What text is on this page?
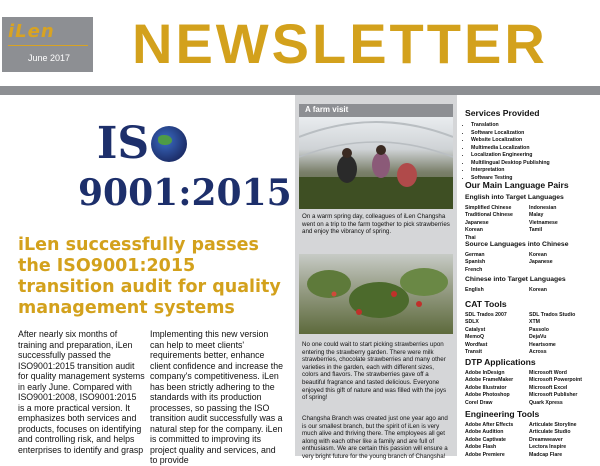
iLen
June 2017 NEWSLETTER
IS
9001:2015
iLen successfully passes the ISO9001:2015 transition audit for quality management systems
After nearly six months of training and preparation, iLen successfully passed the ISO9001:2015 transition audit for quality management systems in early June. Compared with ISO9001:2008, ISO9001:2015 is a more practical version. It emphasizes both services and products, focuses on identifying and controlling risk, and helps enterprises to identify and grasp
Implementing this new version can help to meet clients' requirements better, enhance client confidence and increase the company's competitiveness. iLen has been strictly adhering to the standards with its production processes, so passing the ISO transition audit successfully was a natural step for the company. iLen is committed to improving its project quality and services, and to provide
A farm visit
On a warm spring day, colleagues of iLen Changsha went on a trip to the farm together to pick strawberries and enjoy the vibrancy of spring.
No one could wait to start picking strawberries upon entering the strawberry garden. There were milk strawberries, chocolate strawberries and many other varieties in the garden, each with different sizes, colors and flavors. The strawberries gave off a beautiful fragrance and tasted delicious. Everyone enjoyed this gift of nature and was filled with the joys of spring!
Changsha Branch was created just one year ago and is our smallest branch, but the spirit of iLen is very much alive and thriving there. The employees all get along with each other like a family and are full of enthusiasm. We are certain this passion will ensure a very bright future for the young branch of Changsha!
Services Provided
• Translation
• Software Localization
• Website Localization
• Multimedia Localization
• Localization Engineering
• Multilingual Desktop Publishing
• Interpretation
• Software Testing
Our Main Language Pairs
English into Target Languages
Simplified Chinese	Indonesian
Traditional Chinese	Malay
Japanese	Vietnamese
Korean	Tamil
Thai
Source Languages into Chinese
German	Korean
Spanish	Japanese
French
Chinese into Target Languages
English	Korean
CAT Tools
SDL Trados 2007	SDL Trados Studio
SDLX	XTM
Catalyst	Passolo
MemoQ	DejaVu
Wordfast	Heartsome
Transit	Across
DTP Applications
Adobe InDesign	Microsoft Word
Adobe FrameMaker	Microsoft Powerpoint
Adobe Illustrator	Microsoft Excel
Adobe Photoshop	Microsoft Publisher
Corel Draw	Quark Xpress
Engineering Tools
Adobe After Effects	Articulate Storyline
Adobe Audition	Articulate Studio
Adobe Captivate	Dreamweaver
Adobe Flash	Lectora Inspire
Adobe Premiere	Madcap Flare
